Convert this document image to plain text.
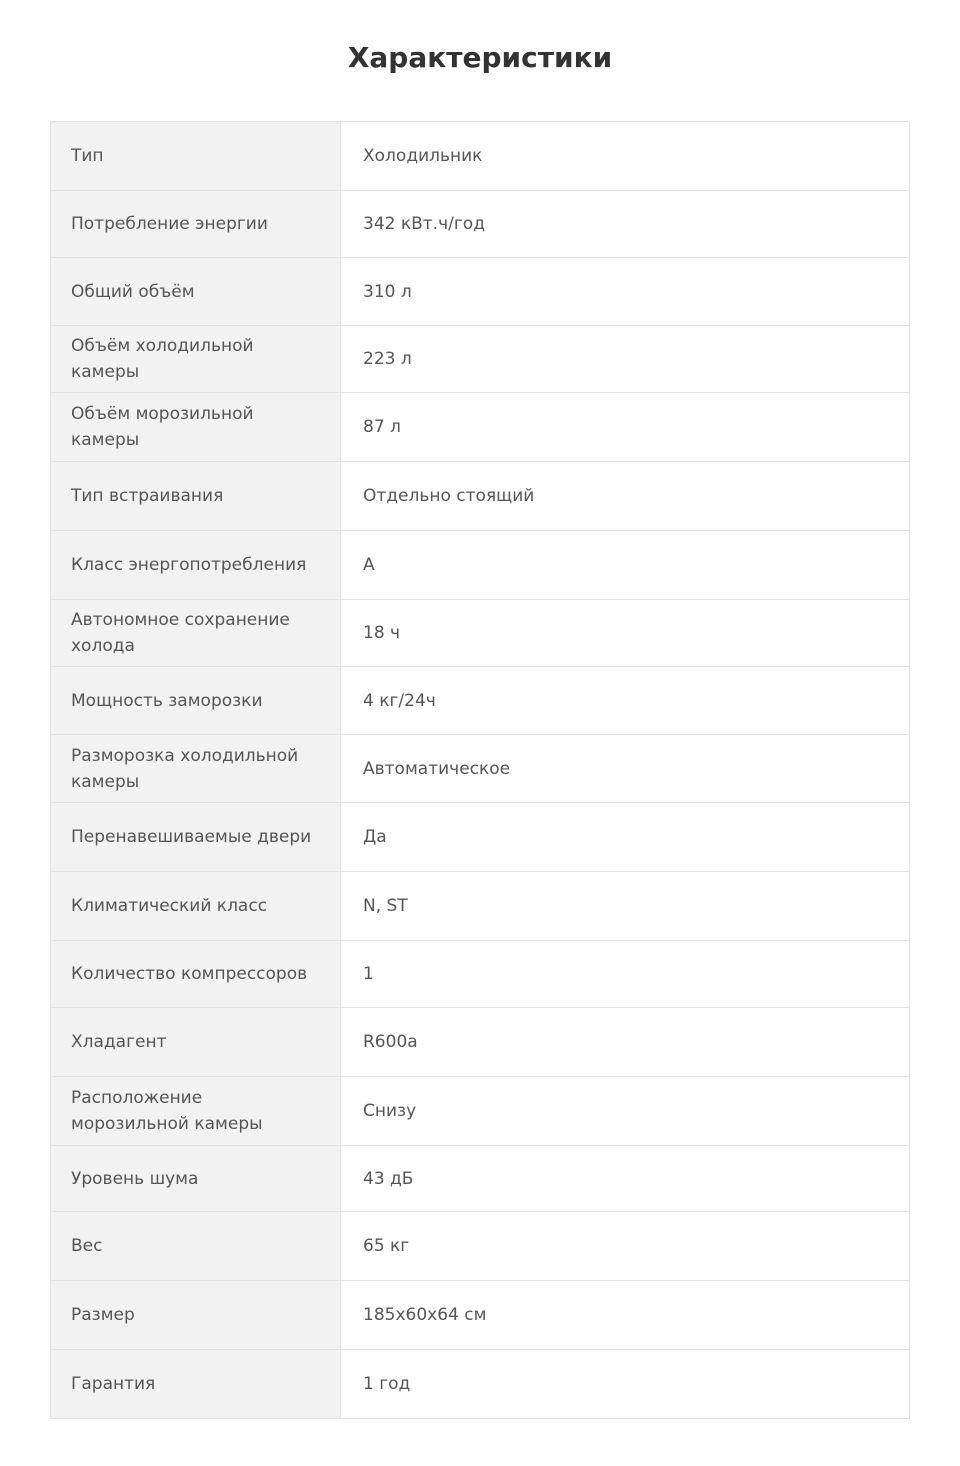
Характеристики
Тип	Холодильник
Потребление энергии	342 кВт.ч/год
Общий объём	310 л
Объём холодильной камеры	223 л
Объём морозильной камеры	87 л
Тип встраивания	Отдельно стоящий
Класс энергопотребления	A
Автономное сохранение холода	18 ч
Мощность заморозки	4 кг/24ч
Разморозка холодильной камеры	Автоматическое
Перенавешиваемые двери	Да
Климатический класс	N, ST
Количество компрессоров	1
Хладагент	R600a
Расположение морозильной камеры	Снизу
Уровень шума	43 дБ
Вес	65 кг
Размер	185x60x64 см
Гарантия	1 год
